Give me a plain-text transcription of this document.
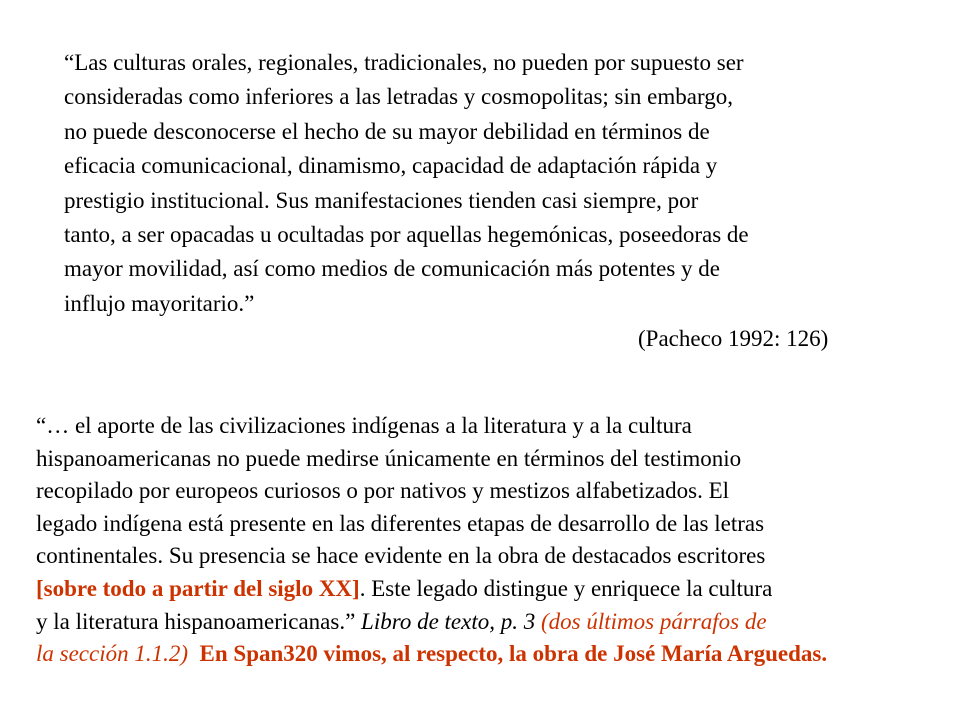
“Las culturas orales, regionales, tradicionales, no pueden por supuesto ser
consideradas como inferiores a las letradas y cosmopolitas; sin embargo,
no puede desconocerse el hecho de su mayor debilidad en términos de
eficacia comunicacional, dinamismo, capacidad de adaptación rápida y
prestigio institucional. Sus manifestaciones tienden casi siempre, por
tanto, a ser opacadas u ocultadas por aquellas hegemónicas, poseedoras de
mayor movilidad, así como medios de comunicación más potentes y de
influjo mayoritario.”
(Pacheco 1992: 126)
“… el aporte de las civilizaciones indígenas a la literatura y a la cultura
hispanoamericanas no puede medirse únicamente en términos del testimonio
recopilado por europeos curiosos o por nativos y mestizos alfabetizados. El
legado indígena está presente en las diferentes etapas de desarrollo de las letras
continentales. Su presencia se hace evidente en la obra de destacados escritores
[sobre todo a partir del siglo XX]. Este legado distingue y enriquece la cultura
y la literatura hispanoamericanas.” Libro de texto, p. 3 (dos últimos párrafos de
la sección 1.1.2) En Span320 vimos, al respecto, la obra de José María Arguedas.
